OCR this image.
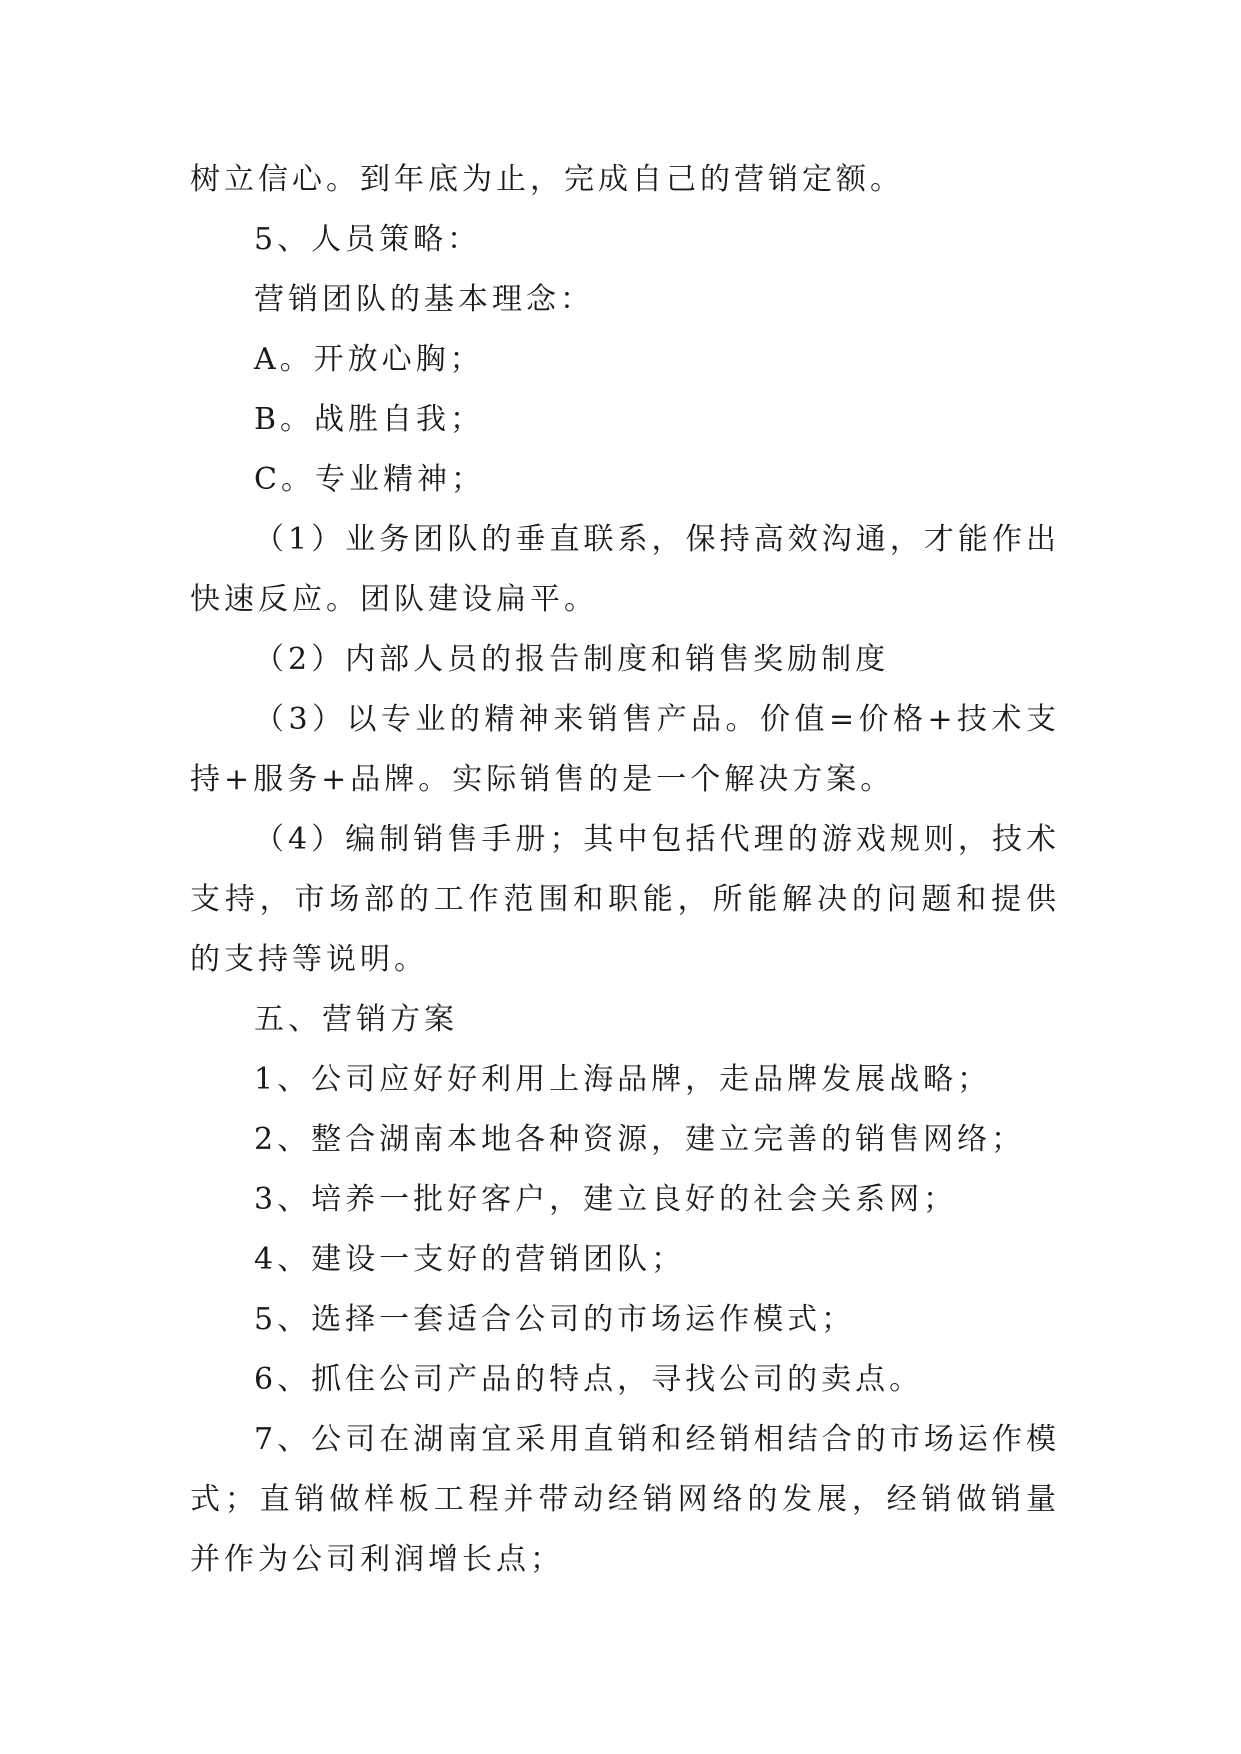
树立信心。到年底为止，完成自己的营销定额。

5、人员策略：

营销团队的基本理念：

A。开放心胸；

B。战胜自我；

C。专业精神；

（1）业务团队的垂直联系，保持高效沟通，才能作出快速反应。团队建设扁平。

（2）内部人员的报告制度和销售奖励制度

（3）以专业的精神来销售产品。价值=价格+技术支持+服务+品牌。实际销售的是一个解决方案。

（4）编制销售手册；其中包括代理的游戏规则，技术支持，市场部的工作范围和职能，所能解决的问题和提供的支持等说明。

五、营销方案

1、公司应好好利用上海品牌，走品牌发展战略；

2、整合湖南本地各种资源，建立完善的销售网络；

3、培养一批好客户，建立良好的社会关系网；

4、建设一支好的营销团队；

5、选择一套适合公司的市场运作模式；

6、抓住公司产品的特点，寻找公司的卖点。

7、公司在湖南宜采用直销和经销相结合的市场运作模式；直销做样板工程并带动经销网络的发展，经销做销量并作为公司利润增长点；
